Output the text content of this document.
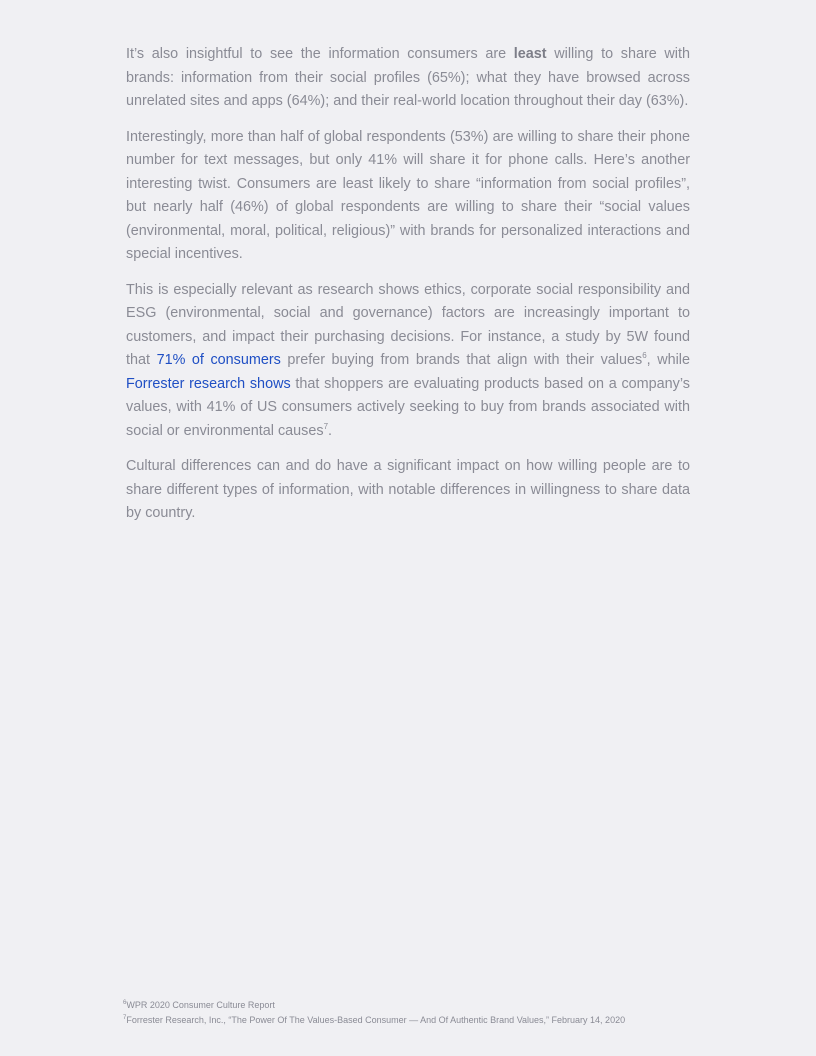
It’s also insightful to see the information consumers are least willing to share with brands: information from their social profiles (65%); what they have browsed across unrelated sites and apps (64%); and their real-world location throughout their day (63%).

Interestingly, more than half of global respondents (53%) are willing to share their phone number for text messages, but only 41% will share it for phone calls. Here’s another interesting twist. Consumers are least likely to share “information from social profiles”, but nearly half (46%) of global respondents are willing to share their “social values (environmental, moral, political, religious)” with brands for personalized interactions and special incentives.

This is especially relevant as research shows ethics, corporate social responsibility and ESG (environmental, social and governance) factors are increasingly important to customers, and impact their purchasing decisions. For instance, a study by 5W found that 71% of consumers prefer buying from brands that align with their values$^6$, while Forrester research shows that shoppers are evaluating products based on a company’s values, with 41% of US consumers actively seeking to buy from brands associated with social or environmental causes$^7$.

Cultural differences can and do have a significant impact on how willing people are to share different types of information, with notable differences in willingness to share data by country.

$^6$WPR 2020 Consumer Culture Report
$^7$Forrester Research, Inc., “The Power Of The Values-Based Consumer — And Of Authentic Brand Values,” February 14, 2020
